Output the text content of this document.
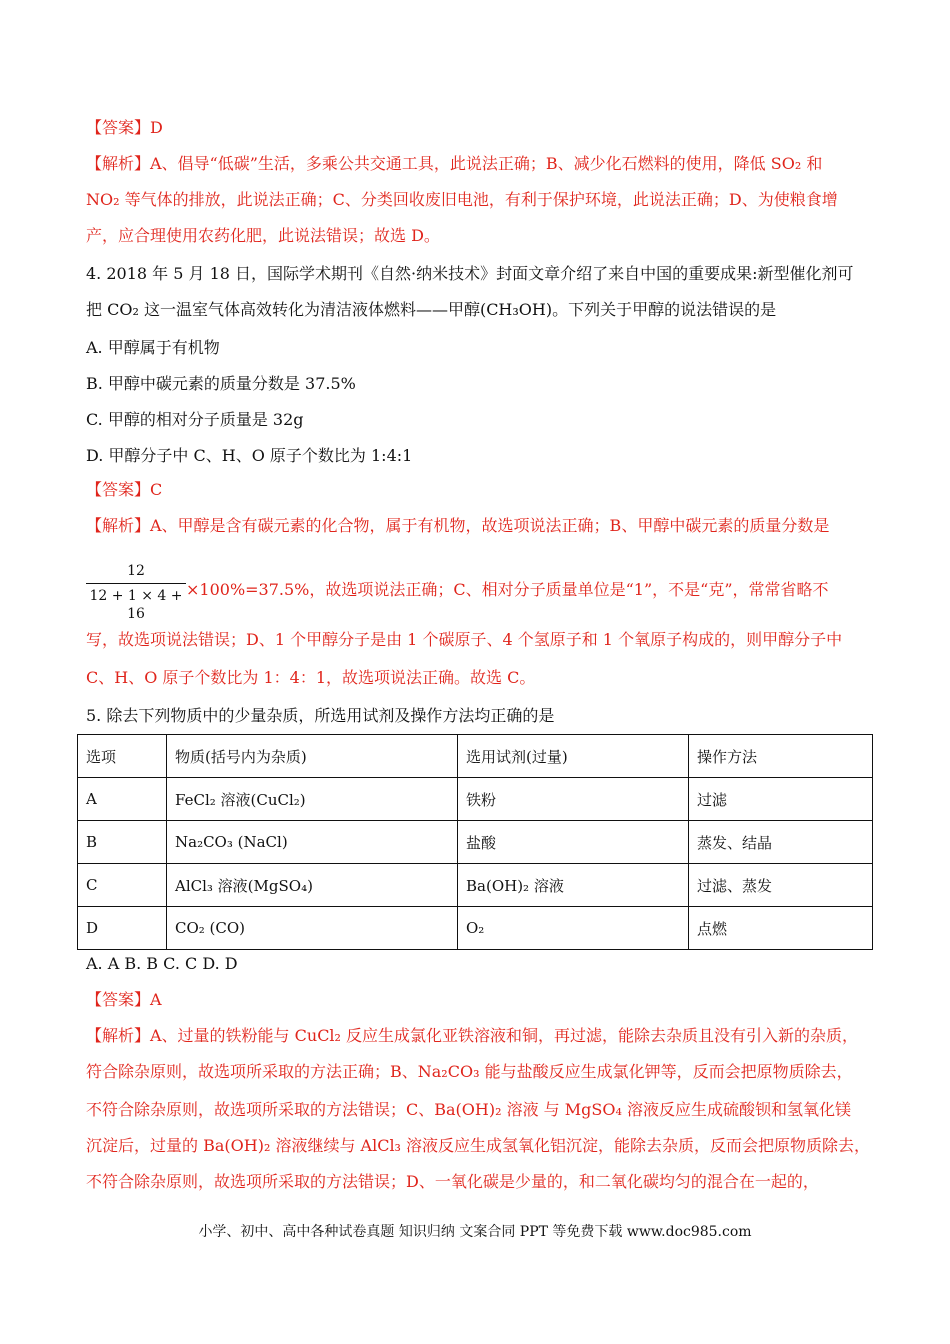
【答案】D
【解析】A、倡导“低碳”生活，多乘公共交通工具，此说法正确；B、减少化石燃料的使用，降低 SO₂ 和
NO₂ 等气体的排放，此说法正确；C、分类回收废旧电池，有利于保护环境，此说法正确；D、为使粮食增
产，应合理使用农药化肥，此说法错误；故选 D。
4. 2018 年 5 月 18 日，国际学术期刊《自然·纳米技术》封面文章介绍了来自中国的重要成果:新型催化剂可
把 CO₂ 这一温室气体高效转化为清洁液体燃料——甲醇(CH₃OH)。下列关于甲醇的说法错误的是
A. 甲醇属于有机物
B. 甲醇中碳元素的质量分数是 37.5%
C. 甲醇的相对分子质量是 32g
D. 甲醇分子中 C、H、O 原子个数比为 1:4:1
【答案】C
【解析】A、甲醇是含有碳元素的化合物，属于有机物，故选项说法正确；B、甲醇中碳元素的质量分数是
12
12 + 1 × 4 + 16
×100%=37.5%，故选项说法正确；C、相对分子质量单位是“1”，不是“克”，常常省略不
写，故选项说法错误；D、1 个甲醇分子是由 1 个碳原子、4 个氢原子和 1 个氧原子构成的，则甲醇分子中
C、H、O 原子个数比为 1：4：1，故选项说法正确。故选 C。
5. 除去下列物质中的少量杂质，所选用试剂及操作方法均正确的是
选项	物质(括号内为杂质)	选用试剂(过量)	操作方法
A	FeCl₂ 溶液(CuCl₂)	铁粉	过滤
B	Na₂CO₃ (NaCl)	盐酸	蒸发、结晶
C	AlCl₃ 溶液(MgSO₄)	Ba(OH)₂ 溶液	过滤、蒸发
D	CO₂ (CO)	O₂	点燃
A. A B. B C. C D. D
【答案】A
【解析】A、过量的铁粉能与 CuCl₂ 反应生成氯化亚铁溶液和铜，再过滤，能除去杂质且没有引入新的杂质，
符合除杂原则，故选项所采取的方法正确；B、Na₂CO₃ 能与盐酸反应生成氯化钾等，反而会把原物质除去，
不符合除杂原则，故选项所采取的方法错误；C、Ba(OH)₂ 溶液 与 MgSO₄ 溶液反应生成硫酸钡和氢氧化镁
沉淀后，过量的 Ba(OH)₂ 溶液继续与 AlCl₃ 溶液反应生成氢氧化铝沉淀，能除去杂质，反而会把原物质除去，
不符合除杂原则，故选项所采取的方法错误；D、一氧化碳是少量的，和二氧化碳均匀的混合在一起的，
小学、初中、高中各种试卷真题 知识归纳 文案合同 PPT 等免费下载 www.doc985.com
